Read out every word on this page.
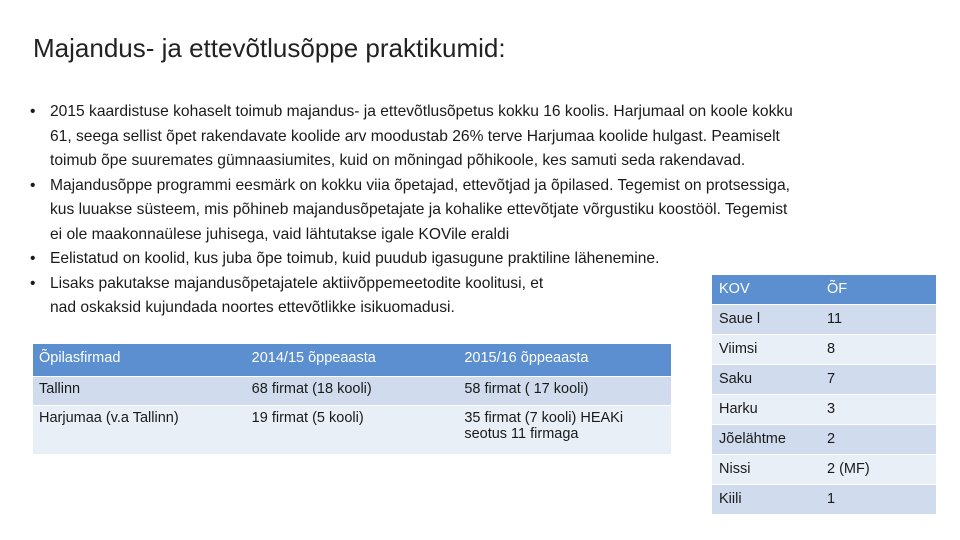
Majandus- ja ettevõtlusõppe praktikumid:
• 2015 kaardistuse kohaselt toimub majandus- ja ettevõtlusõpetus kokku 16 koolis. Harjumaal on koole kokku
61, seega sellist õpet rakendavate koolide arv moodustab 26% terve Harjumaa koolide hulgast. Peamiselt
toimub õpe suuremates gümnaasiumites, kuid on mõningad põhikoole, kes samuti seda rakendavad.
• Majandusõppe programmi eesmärk on kokku viia õpetajad, ettevõtjad ja õpilased. Tegemist on protsessiga,
kus luuakse süsteem, mis põhineb majandusõpetajate ja kohalike ettevõtjate võrgustiku koostööl. Tegemist
ei ole maakonnaülese juhisega, vaid lähtutakse igale KOVile eraldi
• Eelistatud on koolid, kus juba õpe toimub, kuid puudub igasugune praktiline lähenemine.
• Lisaks pakutakse majandusõpetajatele aktiivõppemeetodite koolitusi, et
nad oskaksid kujundada noortes ettevõtlikke isikuomadusi.
Õpilasfirmad	2014/15 õppeaasta	2015/16 õppeaasta
Tallinn	68 firmat (18 kooli)	58 firmat ( 17 kooli)
Harjumaa (v.a Tallinn)	19 firmat (5 kooli)	35 firmat (7 kooli) HEAKi seotus 11 firmaga
KOV	ÕF
Saue l	11
Viimsi	8
Saku	7
Harku	3
Jõelähtme	2
Nissi	2 (MF)
Kiili	1
